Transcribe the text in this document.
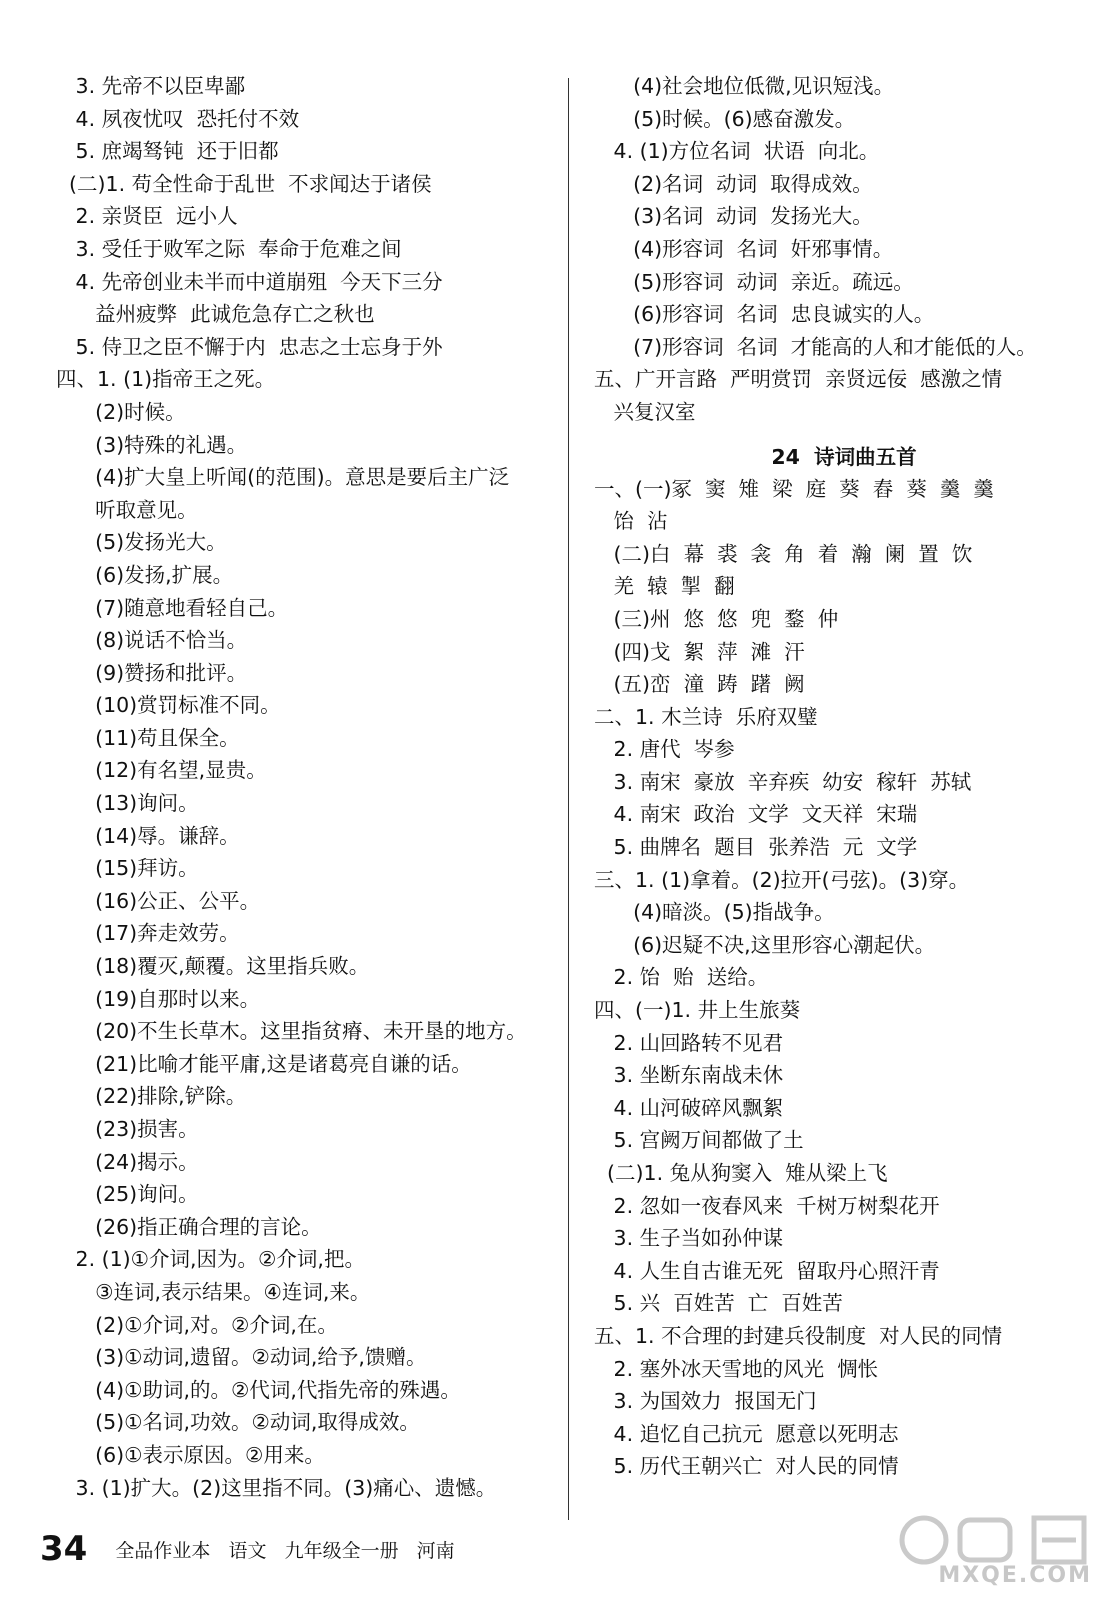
3. 先帝不以臣卑鄙
4. 夙夜忧叹  恐托付不效
5. 庶竭驽钝  还于旧都
(二)1. 苟全性命于乱世  不求闻达于诸侯
2. 亲贤臣  远小人
3. 受任于败军之际  奉命于危难之间
4. 先帝创业未半而中道崩殂  今天下三分
益州疲弊  此诚危急存亡之秋也
5. 侍卫之臣不懈于内  忠志之士忘身于外
四、1. (1)指帝王之死。
(2)时候。
(3)特殊的礼遇。
(4)扩大皇上听闻(的范围)。意思是要后主广泛
听取意见。
(5)发扬光大。
(6)发扬,扩展。
(7)随意地看轻自己。
(8)说话不恰当。
(9)赞扬和批评。
(10)赏罚标准不同。
(11)苟且保全。
(12)有名望,显贵。
(13)询问。
(14)辱。谦辞。
(15)拜访。
(16)公正、公平。
(17)奔走效劳。
(18)覆灭,颠覆。这里指兵败。
(19)自那时以来。
(20)不生长草木。这里指贫瘠、未开垦的地方。
(21)比喻才能平庸,这是诸葛亮自谦的话。
(22)排除,铲除。
(23)损害。
(24)揭示。
(25)询问。
(26)指正确合理的言论。
2. (1)①介词,因为。②介词,把。
③连词,表示结果。④连词,来。
(2)①介词,对。②介词,在。
(3)①动词,遗留。②动词,给予,馈赠。
(4)①助词,的。②代词,代指先帝的殊遇。
(5)①名词,功效。②动词,取得成效。
(6)①表示原因。②用来。
3. (1)扩大。(2)这里指不同。(3)痛心、遗憾。
(4)社会地位低微,见识短浅。
(5)时候。(6)感奋激发。
4. (1)方位名词  状语  向北。
(2)名词  动词  取得成效。
(3)名词  动词  发扬光大。
(4)形容词  名词  奸邪事情。
(5)形容词  动词  亲近。疏远。
(6)形容词  名词  忠良诚实的人。
(7)形容词  名词  才能高的人和才能低的人。
五、广开言路  严明赏罚  亲贤远佞  感激之情
兴复汉室
24  诗词曲五首
一、(一)冢  窦  雉  梁  庭  葵  舂  葵  羹  羹
饴  沾
(二)白  幕  裘  衾  角  着  瀚  阑  置  饮
羌  辕  掣  翻
(三)州  悠  悠  兜  鍪  仲
(四)戈  絮  萍  滩  汗
(五)峦  潼  踌  躇  阙
二、1. 木兰诗  乐府双璧
2. 唐代  岑参
3. 南宋  豪放  辛弃疾  幼安  稼轩  苏轼
4. 南宋  政治  文学  文天祥  宋瑞
5. 曲牌名  题目  张养浩  元  文学
三、1. (1)拿着。(2)拉开(弓弦)。(3)穿。
(4)暗淡。(5)指战争。
(6)迟疑不决,这里形容心潮起伏。
2. 饴  贻  送给。
四、(一)1. 井上生旅葵
2. 山回路转不见君
3. 坐断东南战未休
4. 山河破碎风飘絮
5. 宫阙万间都做了土
(二)1. 兔从狗窦入  雉从梁上飞
2. 忽如一夜春风来  千树万树梨花开
3. 生子当如孙仲谋
4. 人生自古谁无死  留取丹心照汗青
5. 兴  百姓苦  亡  百姓苦
五、1. 不合理的封建兵役制度  对人民的同情
2. 塞外冰天雪地的风光  惆怅
3. 为国效力  报国无门
4. 追忆自己抗元  愿意以死明志
5. 历代王朝兴亡  对人民的同情
34 全品作业本   语文   九年级全一册   河南
MXQE.COM
